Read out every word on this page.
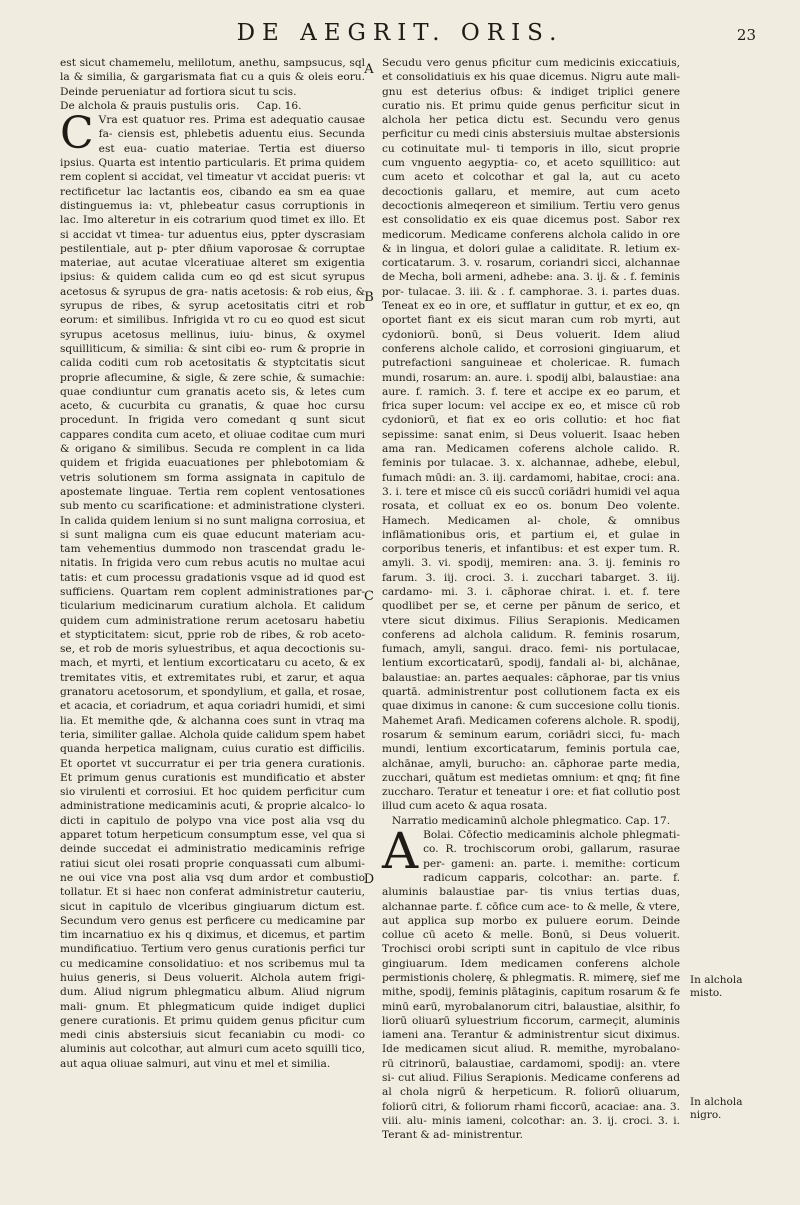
DE AEGRIT. ORIS.	23
A
B
C
D

est sicut chamemelu, melilotum, anethu, sampsucus, sql la & similia, & gargarismata fiat cu a quis & oleis eoru. Deinde perueniatur ad fortiora sicut tu scis.

De alchola & prauis pustulis oris. Cap. 16.

C Vra est quatuor res. Prima est adequatio causae fa- ciensis est, phlebetis aduentu eius. Secunda est eua- cuatio materiae. Tertia est diuerso ipsius. Quarta est intentio particularis. Et prima quidem rem coplent si accidat, vel timeatur vt accidat pueris: vt rectificetur lac lactantis eos, cibando ea sm ea quae distinguemus ia: vt, phlebeatur casus corruptionis in lac. Imo alteretur in eis cotrarium quod timet ex illo. Et si accidat vt timea- tur aduentus eius, ppter dyscrasiam pestilentiale, aut p- pter dñium vaporosae & corruptae materiae, aut acutae vlceratiuae alteret sm exigentia ipsius: & quidem calida cum eo qd est sicut syrupus acetosus & syrupus de gra- natis acetosis: & rob eius, & syrupus de ribes, & syrup acetositatis citri et rob eorum: et similibus. Infrigida vt ro cu eo quod est sicut syrupus acetosus mellinus, iuiu- binus, & oxymel squilliticum, & similia: & sint cibi eo- rum & proprie in calida coditi cum rob acetositatis & styptcitatis sicut proprie aflecumine, & sigle, & zere schie, & sumachie: quae condiuntur cum granatis aceto sis, & letes cum aceto, & cucurbita cu granatis, & quae hoc cursu procedunt. In frigida vero comedant q sunt sicut cappares condita cum aceto, et oliuae coditae cum muri & origano & similibus. Secuda re complent in ca lida quidem et frigida euacuationes per phlebotomiam & vetris solutionem sm forma assignata in capitulo de apostemate linguae. Tertia rem coplent ventosationes sub mento cu scarificatione: et administratione clysteri. In calida quidem lenium si no sunt maligna corrosiua, et si sunt maligna cum eis quae educunt materiam acu- tam vehementius dummodo non trascendat gradu le- nitatis. In frigida vero cum rebus acutis no multae acui tatis: et cum processu gradationis vsque ad id quod est sufficiens. Quartam rem coplent administrationes par- ticularium medicinarum curatium alchola. Et calidum quidem cum administratione rerum acetosaru habetiu et stypticitatem: sicut, pprie rob de ribes, & rob aceto- se, et rob de moris syluestribus, et aqua decoctionis su- mach, et myrti, et lentium excorticataru cu aceto, & ex tremitates vitis, et extremitates rubi, et zarur, et aqua granatoru acetosorum, et spondylium, et galla, et rosae, et acacia, et coriadrum, et aqua coriadri humidi, et simi lia. Et memithe qde, & alchanna coes sunt in vtraq ma teria, similiter gallae. Alchola quide calidum spem habet quanda herpetica malignam, cuius curatio est difficilis. Et oportet vt succurratur ei per tria genera curationis. Et primum genus curationis est mundificatio et abster sio virulenti et corrosiui. Et hoc quidem perficitur cum administratione medicaminis acuti, & proprie alcalco- lo dicti in capitulo de polypo vna vice post alia vsq du apparet totum herpeticum consumptum esse, vel qua si deinde succedat ei administratio medicaminis refrige ratiui sicut olei rosati proprie conquassati cum albumi- ne oui vice vna post alia vsq dum ardor et combustio tollatur. Et si haec non conferat administretur cauteriu, sicut in capitulo de vlceribus gingiuarum dictum est. Secundum vero genus est perficere cu medicamine par tim incarnatiuo ex his q diximus, et dicemus, et partim mundificatiuo. Tertium vero genus curationis perfici tur cu medicamine consolidatiuo: et nos scribemus mul ta huius generis, si Deus voluerit. Alchola autem frigi- dum. Aliud nigrum phlegmaticu album. Aliud nigrum mali- gnum. Et phlegmaticum quide indiget duplici genere curationis. Et primu quidem genus pficitur cum medi cinis abstersiuis sicut fecaniabin cu modi- co aluminis aut colcothar, aut almuri cum aceto squilli tico, aut aqua oliuae salmuri, aut vinu et mel et similia.

Secudu vero genus pficitur cum medicinis exiccatiuis, et consolidatiuis ex his quae dicemus. Nigru aute mali- gnu est deterius ofbus: & indiget triplici genere curatio nis. Et primu quide genus perficitur sicut in alchola her petica dictu est. Secundu vero genus perficitur cu medi cinis abstersiuis multae abstersionis cu cotinuitate mul- ti temporis in illo, sicut proprie cum vnguento aegyptia- co, et aceto squillitico: aut cum aceto et colcothar et gal la, aut cu aceto decoctionis gallaru, et memire, aut cum aceto decoctionis almeqereon et similium. Tertiu vero genus est consolidatio ex eis quae dicemus post. Sabor rex medicorum. Medicame conferens alchola calido in ore & in lingua, et dolori gulae a caliditate. R. letium ex- corticatarum. 3. v. rosarum, coriandri sicci, alchannae de Mecha, boli armeni, adhebe: ana. 3. ij. & . f. feminis por- tulacae. 3. iii. & . f. camphorae. 3. i. partes duas. Teneat ex eo in ore, et sufflatur in guttur, et ex eo, qn oportet fiant ex eis sicut maran cum rob myrti, aut cydoniorū. bonū, si Deus voluerit. Idem aliud conferens alchole calido, et corrosioni gingiuarum, et putrefactioni sanguineae et cholericae. R. fumach mundi, rosarum: an. aure. i. spodij albi, balaustiae: ana aure. f. ramich. 3. f. tere et accipe ex eo parum, et frica super locum: vel accipe ex eo, et misce cū rob cydoniorū, et fiat ex eo oris collutio: et hoc fiat sepissime: sanat enim, si Deus voluerit. Isaac heben ama ran. Medicamen coferens alchole calido. R. feminis por tulacae. 3. x. alchannae, adhebe, elebul, fumach mūdi: an. 3. iij. cardamomi, habitae, croci: ana. 3. i. tere et misce cū eis succū coriādri humidi vel aqua rosata, et colluat ex eo os. bonum Deo volente. Hamech. Medicamen al- chole, & omnibus inflāmationibus oris, et partium ei, et gulae in corporibus teneris, et infantibus: et est exper tum. R. amyli. 3. vi. spodij, memiren: ana. 3. ij. feminis ro farum. 3. iij. croci. 3. i. zucchari tabarget. 3. iij. cardamo- mi. 3. i. cāphorae chirat. i. et. f. tere quodlibet per se, et cerne per pānum de serico, et vtere sicut diximus. Filius Serapionis. Medicamen conferens ad alchola calidum. R. feminis rosarum, fumach, amyli, sangui. draco. femi- nis portulacae, lentium excorticatarū, spodij, fandali al- bi, alchānae, balaustiae: an. partes aequales: cāphorae, par tis vnius quartā. administrentur post collutionem facta ex eis quae diximus in canone: & cum succesione collu tionis. Mahemet Arafi. Medicamen coferens alchole. R. spodij, rosarum & seminum earum, coriādri sicci, fu- mach mundi, lentium excorticatarum, feminis portula cae, alchānae, amyli, burucho: an. cāphorae parte media, zucchari, quātum est medietas omnium: et qnq; fit fine zuccharo. Teratur et teneatur i ore: et fiat collutio post illud cum aceto & aqua rosata.

Narratio medicaminū alchole phlegmatico. Cap. 17.

A Bolai. Cōfectio medicaminis alchole phlegmati- co. R. trochiscorum orobi, gallarum, rasurae per- gameni: an. parte. i. memithe: corticum radicum capparis, colcothar: an. parte. f. aluminis balaustiae par- tis vnius tertias duas, alchannae parte. f. cōfice cum ace- to & melle, & vtere, aut applica sup morbo ex puluere eorum. Deinde collue cū aceto & melle. Bonū, si Deus voluerit. Trochisci orobi scripti sunt in capitulo de vlce ribus gingiuarum. Idem medicamen conferens alchole permistionis cholerę, & phlegmatis. R. mimerę, sief me mithe, spodij, feminis plātaginis, capitum rosarum & fe minū earū, myrobalanorum citri, balaustiae, alsithir, fo liorū oliuarū syluestrium ficcorum, carmeçit, aluminis iameni ana. Terantur & administrentur sicut diximus. Ide medicamen sicut aliud. R. memithe, myrobalano- rū citrinorū, balaustiae, cardamomi, spodij: an. vtere si- cut aliud. Filius Serapionis. Medicame conferens ad al chola nigrū & herpeticum. R. foliorū oliuarum, foliorū citri, & foliorum rhami ficcorū, acaciae: ana. 3. viii. alu- minis iameni, colcothar: an. 3. ij. croci. 3. i. Terant & ad- ministrentur.

In alchola misto.
In alchola nigro.
